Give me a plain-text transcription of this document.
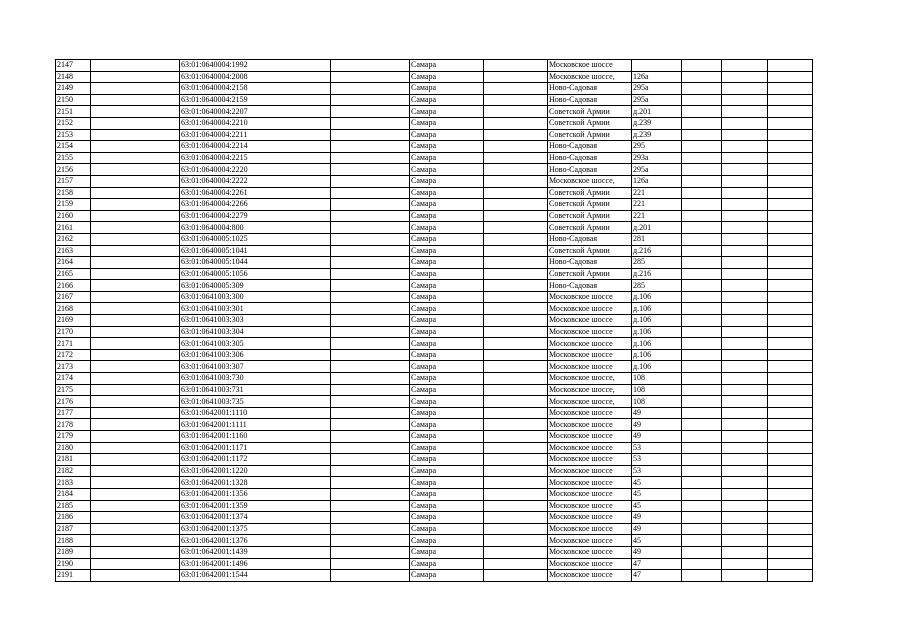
2147		63:01:0640004:1992		Самара		Московское шоссе				
2148		63:01:0640004:2008		Самара		Московское шоссе,	126а			
2149		63:01:0640004:2158		Самара		Ново-Садовая	295а			
2150		63:01:0640004:2159		Самара		Ново-Садовая	295а			
2151		63:01:0640004:2207		Самара		Советской Армии	д.201			
2152		63:01:0640004:2210		Самара		Советской Армии	д.239			
2153		63:01:0640004:2211		Самара		Советской Армии	д.239			
2154		63:01:0640004:2214		Самара		Ново-Садовая	295			
2155		63:01:0640004:2215		Самара		Ново-Садовая	293а			
2156		63:01:0640004:2220		Самара		Ново-Садовая	295а			
2157		63:01:0640004:2222		Самара		Московское шоссе,	126а			
2158		63:01:0640004:2261		Самара		Советской Армии	221			
2159		63:01:0640004:2266		Самара		Советской Армии	221			
2160		63:01:0640004:2279		Самара		Советской Армии	221			
2161		63:01:0640004:800		Самара		Советской Армии	д.201			
2162		63:01:0640005:1025		Самара		Ново-Садовая	281			
2163		63:01:0640005:1041		Самара		Советской Армии	д.216			
2164		63:01:0640005:1044		Самара		Ново-Садовая	285			
2165		63:01:0640005:1056		Самара		Советской Армии	д.216			
2166		63:01:0640005:309		Самара		Ново-Садовая	285			
2167		63:01:0641003:300		Самара		Московское шоссе	д.106			
2168		63:01:0641003:301		Самара		Московское шоссе	д.106			
2169		63:01:0641003:303		Самара		Московское шоссе	д.106			
2170		63:01:0641003:304		Самара		Московское шоссе	д.106			
2171		63:01:0641003:305		Самара		Московское шоссе	д.106			
2172		63:01:0641003:306		Самара		Московское шоссе	д.106			
2173		63:01:0641003:307		Самара		Московское шоссе	д.106			
2174		63:01:0641003:730		Самара		Московское шоссе,	108			
2175		63:01:0641003:731		Самара		Московское шоссе,	108			
2176		63:01:0641003:735		Самара		Московское шоссе,	108			
2177		63:01:0642001:1110		Самара		Московское шоссе	49			
2178		63:01:0642001:1111		Самара		Московское шоссе	49			
2179		63:01:0642001:1160		Самара		Московское шоссе	49			
2180		63:01:0642001:1171		Самара		Московское шоссе	53			
2181		63:01:0642001:1172		Самара		Московское шоссе	53			
2182		63:01:0642001:1220		Самара		Московское шоссе	53			
2183		63:01:0642001:1328		Самара		Московское шоссе	45			
2184		63:01:0642001:1356		Самара		Московское шоссе	45			
2185		63:01:0642001:1359		Самара		Московское шоссе	45			
2186		63:01:0642001:1374		Самара		Московское шоссе	49			
2187		63:01:0642001:1375		Самара		Московское шоссе	49			
2188		63:01:0642001:1376		Самара		Московское шоссе	45			
2189		63:01:0642001:1439		Самара		Московское шоссе	49			
2190		63:01:0642001:1496		Самара		Московское шоссе	47			
2191		63:01:0642001:1544		Самара		Московское шоссе	47			
